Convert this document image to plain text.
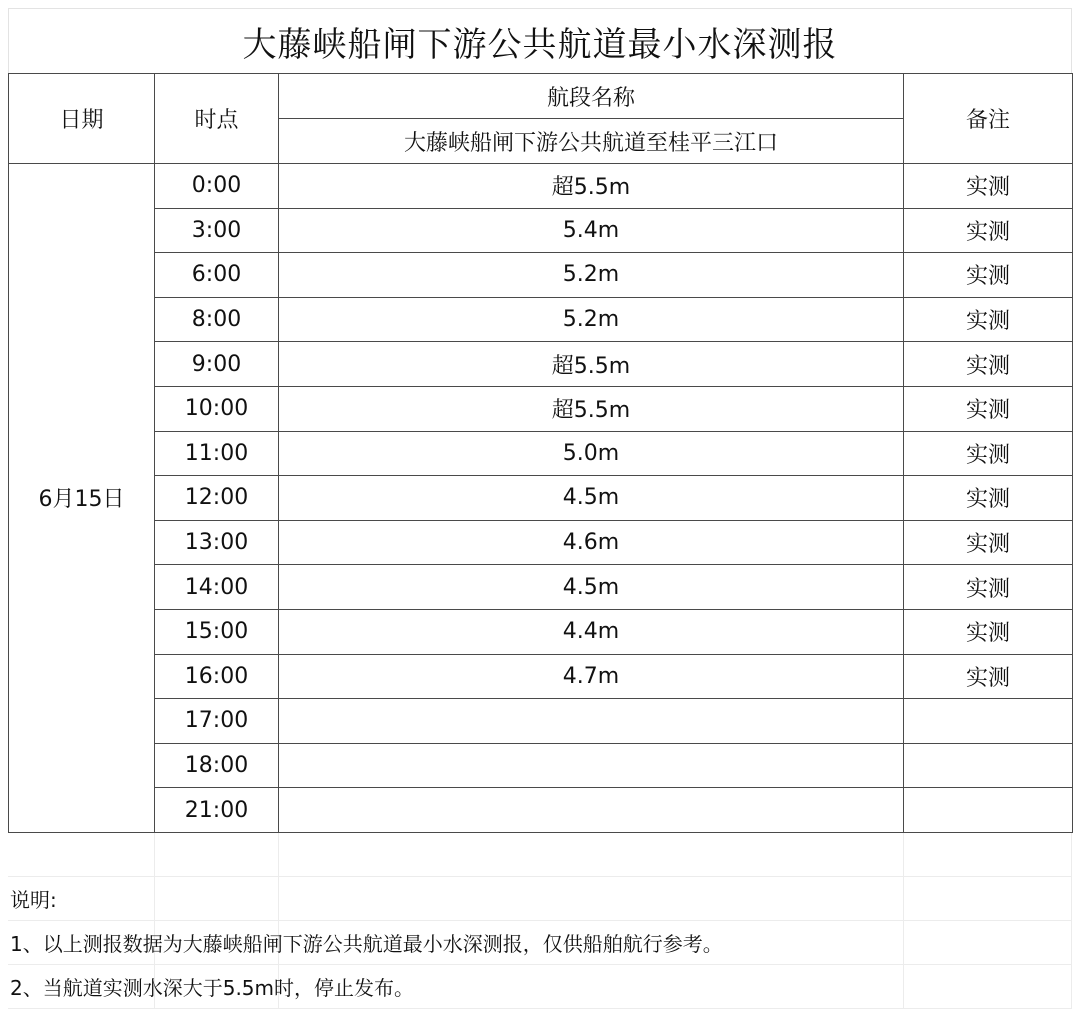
大藤峡船闸下游公共航道最小水深测报
日期	时点	航段名称	备注
		大藤峡船闸下游公共航道至桂平三江口	
6月15日	0:00	超5.5m	实测
	3:00	5.4m	实测
	6:00	5.2m	实测
	8:00	5.2m	实测
	9:00	超5.5m	实测
	10:00	超5.5m	实测
	11:00	5.0m	实测
	12:00	4.5m	实测
	13:00	4.6m	实测
	14:00	4.5m	实测
	15:00	4.4m	实测
	16:00	4.7m	实测
	17:00		
	18:00		
	21:00		
说明:
1、以上测报数据为大藤峡船闸下游公共航道最小水深测报，仅供船舶航行参考。
2、当航道实测水深大于5.5m时，停止发布。
